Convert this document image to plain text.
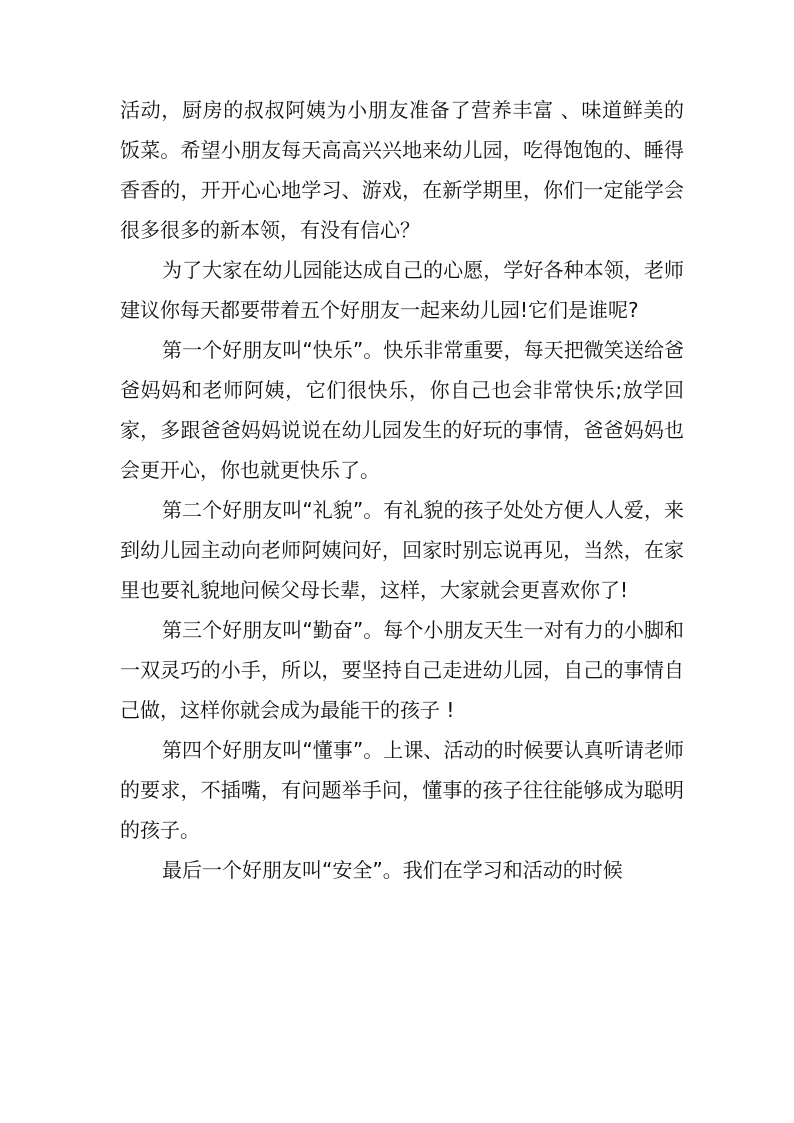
活动，厨房的叔叔阿姨为小朋友准备了营养丰富 、味道鲜美的饭菜。希望小朋友每天高高兴兴地来幼儿园，吃得饱饱的、睡得香香的，开开心心地学习、游戏，在新学期里，你们一定能学会很多很多的新本领，有没有信心？

为了大家在幼儿园能达成自己的心愿，学好各种本领，老师建议你每天都要带着五个好朋友一起来幼儿园!它们是谁呢?

第一个好朋友叫“快乐”。快乐非常重要，每天把微笑送给爸爸妈妈和老师阿姨，它们很快乐，你自己也会非常快乐;放学回家，多跟爸爸妈妈说说在幼儿园发生的好玩的事情，爸爸妈妈也会更开心，你也就更快乐了。

第二个好朋友叫“礼貌”。有礼貌的孩子处处方便人人爱，来到幼儿园主动向老师阿姨问好，回家时别忘说再见，当然，在家里也要礼貌地问候父母长辈，这样，大家就会更喜欢你了!

第三个好朋友叫“勤奋”。每个小朋友天生一对有力的小脚和一双灵巧的小手，所以，要坚持自己走进幼儿园，自己的事情自己做，这样你就会成为最能干的孩子 !

第四个好朋友叫“懂事”。上课、活动的时候要认真听请老师的要求，不插嘴，有问题举手问，懂事的孩子往往能够成为聪明的孩子。

最后一个好朋友叫“安全”。我们在学习和活动的时候
